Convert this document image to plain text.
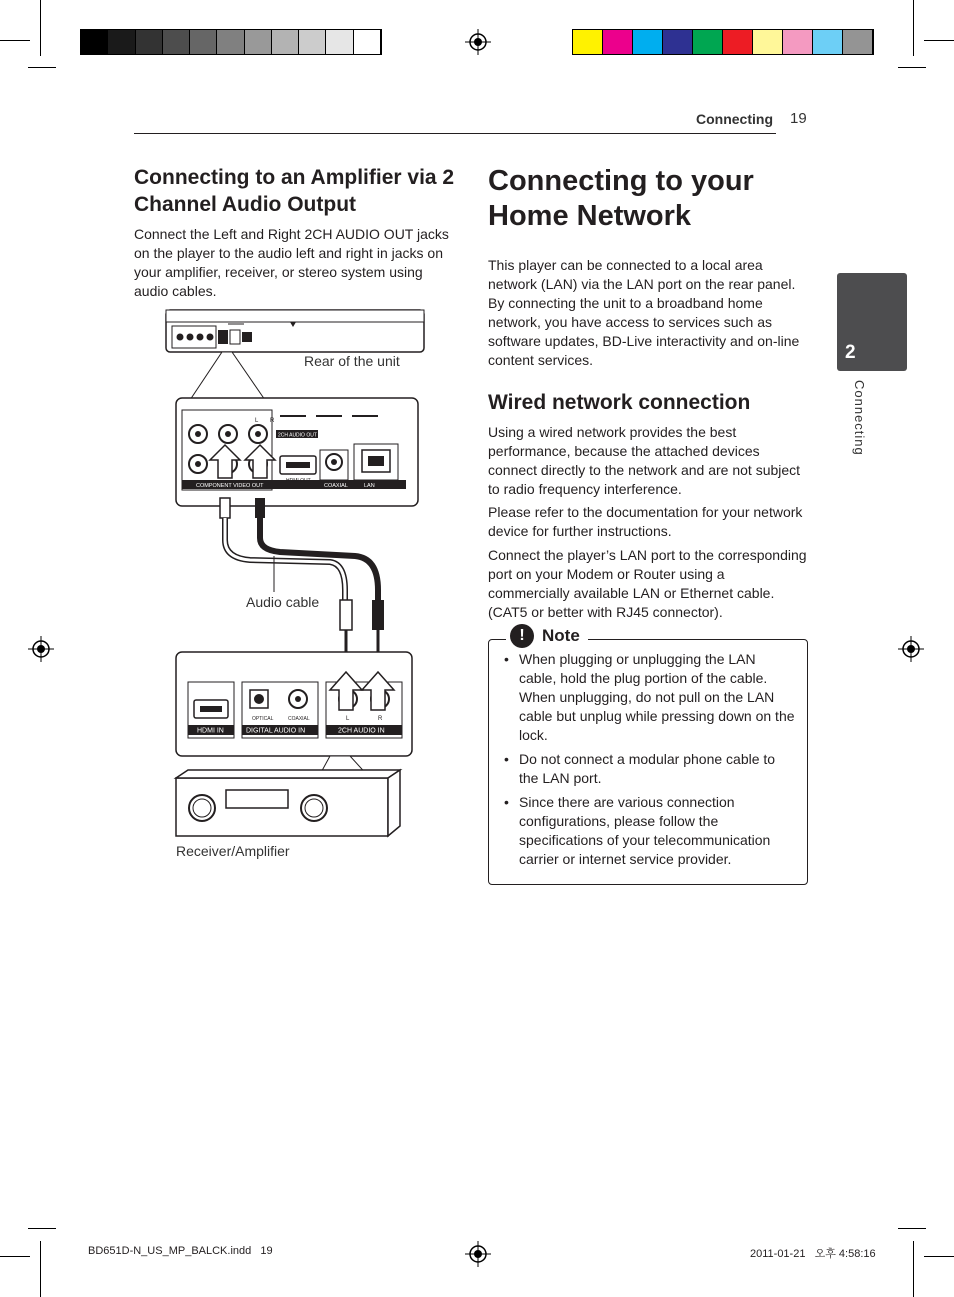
Connecting 19
2
Connecting
Connecting to an Amplifier via 2 Channel Audio Output

Connect the Left and Right 2CH AUDIO OUT jacks on the player to the audio left and right in jacks on your amplifier, receiver, or stereo system using audio cables.

2CH AUDIO OUT
L R
COMPONENT VIDEO OUT
HDMI OUT
COAXIAL	LAN
HDMI IN
OPTICAL	COAXIAL
DIGITAL AUDIO IN
L	R
2CH AUDIO IN
Rear of the unit
Audio cable
Receiver/Amplifier
Connecting to your Home Network

This player can be connected to a local area network (LAN) via the LAN port on the rear panel. By connecting the unit to a broadband home network, you have access to services such as software updates, BD-Live interactivity and on-line content services.

Wired network connection

Using a wired network provides the best performance, because the attached devices connect directly to the network and are not subject to radio frequency interference.

Please refer to the documentation for your network device for further instructions.

Connect the player’s LAN port to the corresponding port on your Modem or Router using a commercially available LAN or Ethernet cable. (CAT5 or better with RJ45 connector).

!	Note
• When plugging or unplugging the LAN cable, hold the plug portion of the cable. When unplugging, do not pull on the LAN cable but unplug while pressing down on the lock.
• Do not connect a modular phone cable to the LAN port.
• Since there are various connection configurations, please follow the specifications of your telecommunication carrier or internet service provider.
BD651D-N_US_MP_BALCK.indd   19	2011-01-21   오후 4:58:16
